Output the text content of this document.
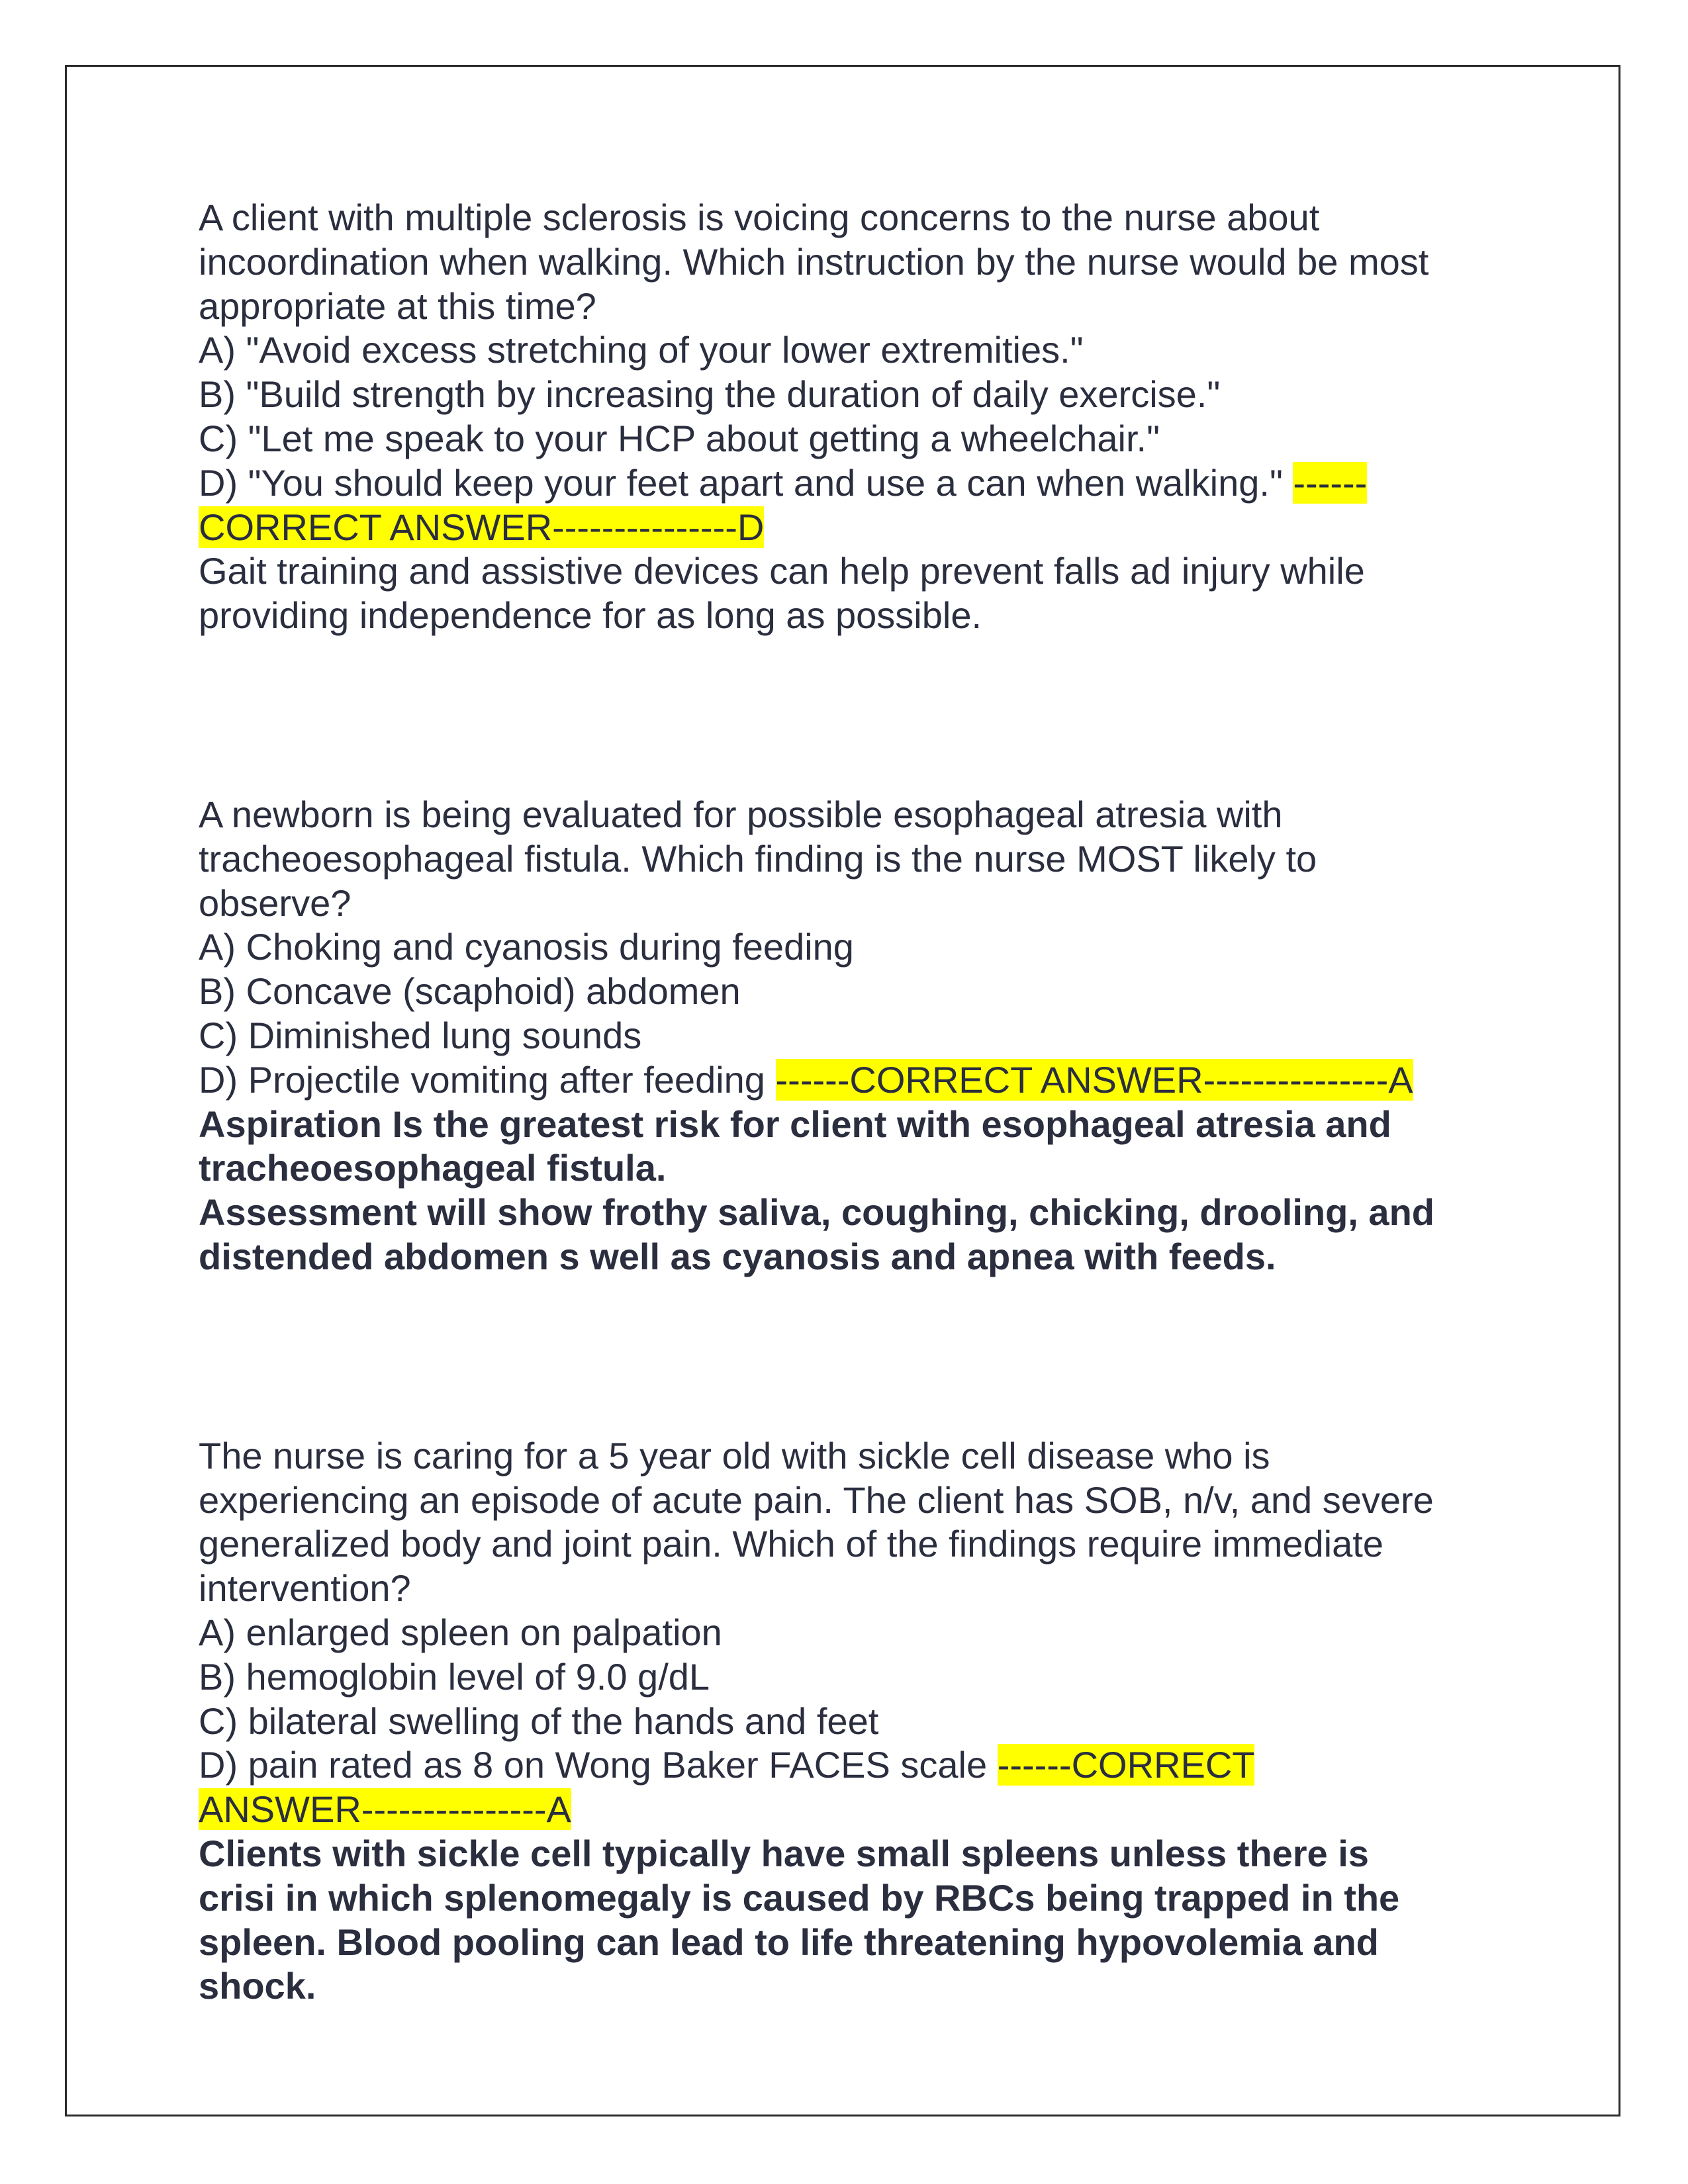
A client with multiple sclerosis is voicing concerns to the nurse about
incoordination when walking. Which instruction by the nurse would be most
appropriate at this time?
A) "Avoid excess stretching of your lower extremities."
B) "Build strength by increasing the duration of daily exercise."
C) "Let me speak to your HCP about getting a wheelchair."
D) "You should keep your feet apart and use a can when walking." ------
CORRECT ANSWER---------------D
Gait training and assistive devices can help prevent falls ad injury while
providing independence for as long as possible.
A newborn is being evaluated for possible esophageal atresia with
tracheoesophageal fistula. Which finding is the nurse MOST likely to
observe?
A) Choking and cyanosis during feeding
B) Concave (scaphoid) abdomen
C) Diminished lung sounds
D) Projectile vomiting after feeding ------CORRECT ANSWER---------------A
Aspiration Is the greatest risk for client with esophageal atresia and
tracheoesophageal fistula.
Assessment will show frothy saliva, coughing, chicking, drooling, and
distended abdomen s well as cyanosis and apnea with feeds.
The nurse is caring for a 5 year old with sickle cell disease who is
experiencing an episode of acute pain. The client has SOB, n/v, and severe
generalized body and joint pain. Which of the findings require immediate
intervention?
A) enlarged spleen on palpation
B) hemoglobin level of 9.0 g/dL
C) bilateral swelling of the hands and feet
D) pain rated as 8 on Wong Baker FACES scale ------CORRECT
ANSWER---------------A
Clients with sickle cell typically have small spleens unless there is
crisi in which splenomegaly is caused by RBCs being trapped in the
spleen. Blood pooling can lead to life threatening hypovolemia and
shock.
